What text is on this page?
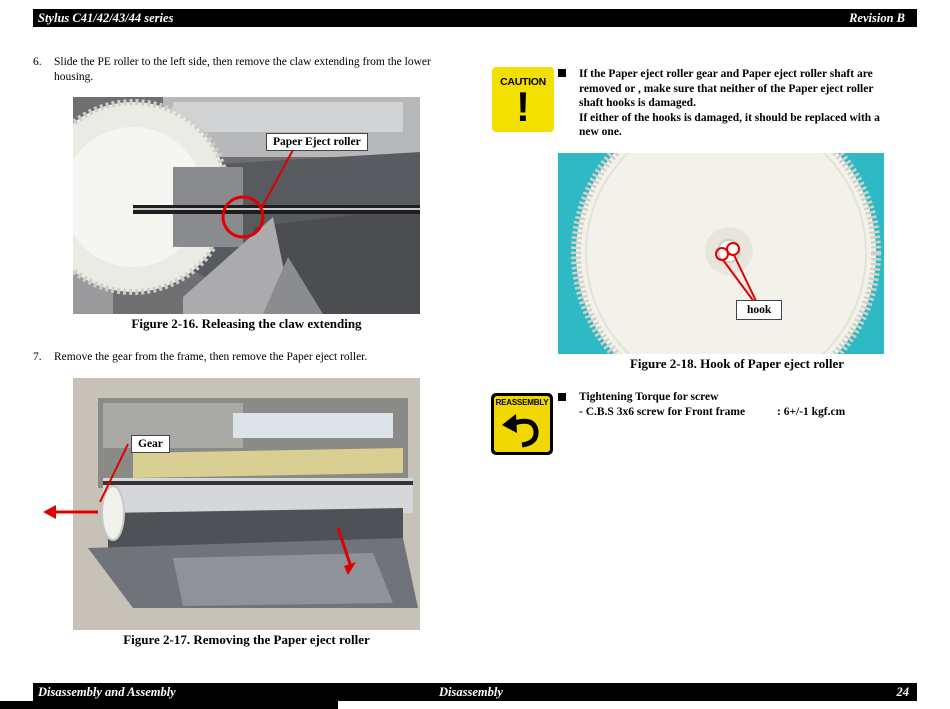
Stylus C41/42/43/44 series	Revision B
6. Slide the PE roller to the left side, then remove the claw extending from the lower
housing.
Paper Eject roller
Figure 2-16. Releasing the claw extending
7. Remove the gear from the frame, then remove the Paper eject roller.
Gear
Figure 2-17. Removing the Paper eject roller
CAUTION
!
If the Paper eject roller gear and Paper eject roller shaft are
removed or , make sure that neither of the Paper eject roller
shaft hooks is damaged.
If either of the hooks is damaged, it should be replaced with a
new one.
hook
Figure 2-18. Hook of Paper eject roller
REASSEMBLY	Tightening Torque for screw
- C.B.S 3x6 screw for Front frame	: 6+/-1 kgf.cm
Disassembly and Assembly	Disassembly	24
